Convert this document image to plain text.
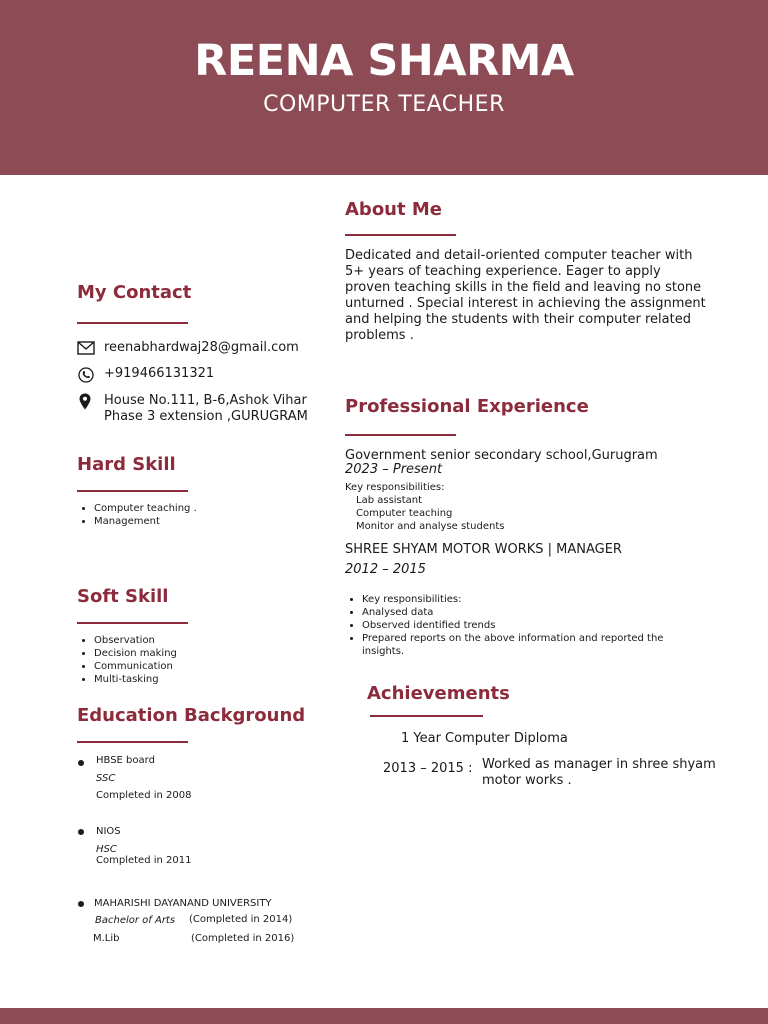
REENA SHARMA
COMPUTER TEACHER
My Contact
reenabhardwaj28@gmail.com
+919466131321
House No.111, B-6,Ashok Vihar
Phase 3 extension ,GURUGRAM
Hard Skill
• Computer teaching .
• Management
Soft Skill
• Observation
• Decision making
• Communication
• Multi-tasking
Education Background
HBSE board
SSC
Completed in 2008
NIOS
HSC
Completed in 2011
MAHARISHI DAYANAND UNIVERSITY
Bachelor of Arts (Completed in 2014)
M.Lib	(Completed in 2016)
About Me
Dedicated and detail-oriented computer teacher with
5+ years of teaching experience. Eager to apply
proven teaching skills in the field and leaving no stone
unturned . Special interest in achieving the assignment
and helping the students with their computer related
problems .
Professional Experience
Government senior secondary school,Gurugram
2023 – Present
Key responsibilities:
Lab assistant
Computer teaching
Monitor and analyse students
SHREE SHYAM MOTOR WORKS | MANAGER
2012 – 2015
• Key responsibilities:
• Analysed data
• Observed identified trends
• Prepared reports on the above information and reported the insights.
Achievements
1 Year Computer Diploma
2013 – 2015 : Worked as manager in shree shyam
motor works .
